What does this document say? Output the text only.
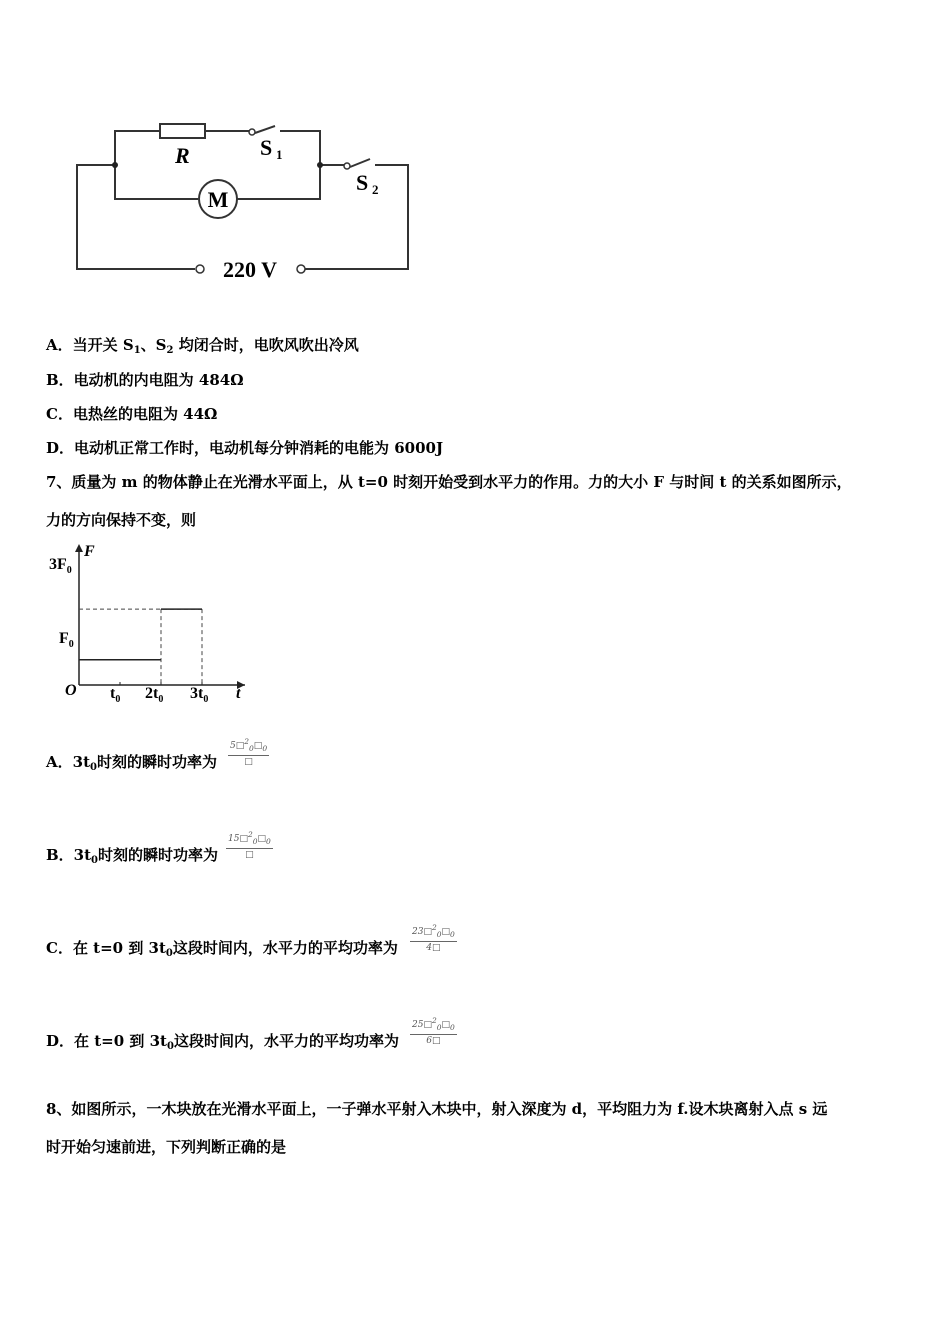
R	S 1
S 2
M
220 V
A．当开关 $S_1$、$S_2$ 均闭合时，电吹风吹出冷风
B．电动机的内电阻为 484Ω
C．电热丝的电阻为 44Ω
D．电动机正常工作时，电动机每分钟消耗的电能为 6000J
7、质量为 m 的物体静止在光滑水平面上，从 t=0 时刻开始受到水平力的作用。力的大小 F 与时间 t 的关系如图所示，
力的方向保持不变，则
F
t
O
$3F_0$
$F_0$
$t_0$ $2t_0$ $3t_0$
A．$3t_0$时刻的瞬时功率为
$5□^2_0□_0$
□
B．$3t_0$时刻的瞬时功率为
$15□^2_0□_0$
□
C．在 t=0 到 $3t_0$这段时间内，水平力的平均功率为 $\frac{23□^2_0□_0}{4□}$
D．在 t=0 到 $3t_0$这段时间内，水平力的平均功率为 $\frac{25□^2_0□_0}{6□}$
8、如图所示，一木块放在光滑水平面上，一子弹水平射入木块中，射入深度为 d，平均阻力为 f.设木块离射入点 s 远
时开始匀速前进，下列判断正确的是
